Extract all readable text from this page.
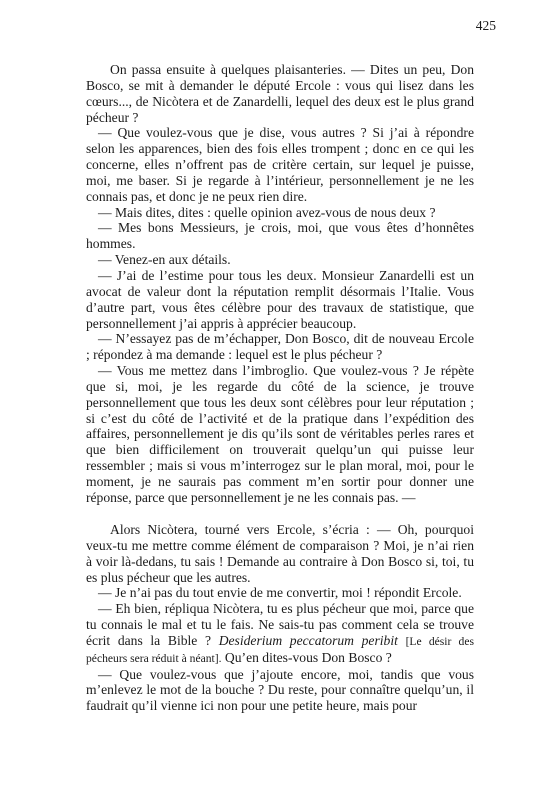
425

On passa ensuite à quelques plaisanteries. — Dites un peu, Don Bosco, se mit à demander le député Ercole : vous qui lisez dans les cœurs..., de Nicòtera et de Zanardelli, lequel des deux est le plus grand pécheur ?

— Que voulez-vous que je dise, vous autres ? Si j’ai à répondre selon les apparences, bien des fois elles trompent ; donc en ce qui les concerne, elles n’offrent pas de critère certain, sur lequel je puisse, moi, me baser. Si je regarde à l’intérieur, personnellement je ne les connais pas, et donc je ne peux rien dire.

— Mais dites, dites : quelle opinion avez-vous de nous deux ?

— Mes bons Messieurs, je crois, moi, que vous êtes d’honnêtes hommes.

— Venez-en aux détails.

— J’ai de l’estime pour tous les deux. Monsieur Zanardelli est un avocat de valeur dont la réputation remplit désormais l’Italie. Vous d’autre part, vous êtes célèbre pour des travaux de statistique, que personnellement j’ai appris à apprécier beaucoup.

— N’essayez pas de m’échapper, Don Bosco, dit de nouveau Ercole ; répondez à ma demande : lequel est le plus pécheur ?

— Vous me mettez dans l’imbroglio. Que voulez-vous ? Je répète que si, moi, je les regarde du côté de la science, je trouve personnellement que tous les deux sont célèbres pour leur réputation ; si c’est du côté de l’activité et de la pratique dans l’expédition des affaires, personnellement je dis qu’ils sont de véritables perles rares et que bien difficilement on trouverait quelqu’un qui puisse leur ressembler ; mais si vous m’interrogez sur le plan moral, moi, pour le moment, je ne saurais pas comment m’en sortir pour donner une réponse, parce que personnellement je ne les connais pas. —

Alors Nicòtera, tourné vers Ercole, s’écria : — Oh, pourquoi veux-tu me mettre comme élément de comparaison ? Moi, je n’ai rien à voir là-dedans, tu sais ! Demande au contraire à Don Bosco si, toi, tu es plus pécheur que les autres.

— Je n’ai pas du tout envie de me convertir, moi ! répondit Ercole.

— Eh bien, répliqua Nicòtera, tu es plus pécheur que moi, parce que tu connais le mal et tu le fais. Ne sais-tu pas comment cela se trouve écrit dans la Bible ? Desiderium peccatorum peribit [Le désir des pécheurs sera réduit à néant]. Qu’en dites-vous Don Bosco ?

— Que voulez-vous que j’ajoute encore, moi, tandis que vous m’enlevez le mot de la bouche ? Du reste, pour connaître quelqu’un, il faudrait qu’il vienne ici non pour une petite heure, mais pour
